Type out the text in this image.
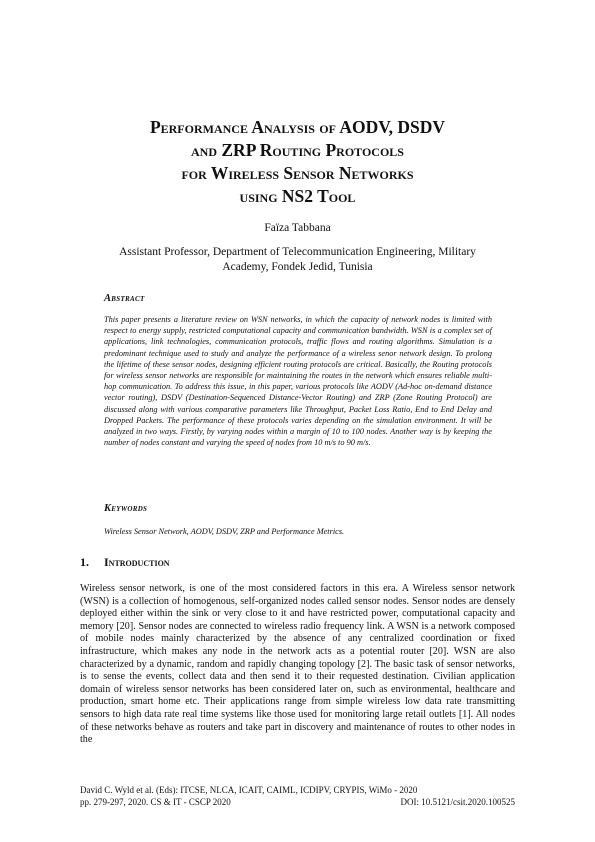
Performance Analysis of AODV, DSDV
and ZRP Routing Protocols
for Wireless Sensor Networks
using NS2 Tool
Faïza Tabbana
Assistant Professor, Department of Telecommunication Engineering, Military Academy, Fondek Jedid, Tunisia
Abstract
This paper presents a literature review on WSN networks, in which the capacity of network nodes is limited with respect to energy supply, restricted computational capacity and communication bandwidth. WSN is a complex set of applications, link technologies, communication protocols, traffic flows and routing algorithms. Simulation is a predominant technique used to study and analyze the performance of a wireless senor network design. To prolong the lifetime of these sensor nodes, designing efficient routing protocols are critical. Basically, the Routing protocols for wireless sensor networks are responsible for maintaining the routes in the network which ensures reliable multi-hop communication. To address this issue, in this paper, various protocols like AODV (Ad-hoc on-demand distance vector routing), DSDV (Destination-Sequenced Distance-Vector Routing) and ZRP (Zone Routing Protocol) are discussed along with various comparative parameters like Throughput, Packet Loss Ratio, End to End Delay and Dropped Packets. The performance of these protocols varies depending on the simulation environment. It will be analyzed in two ways. Firstly, by varying nodes within a margin of 10 to 100 nodes. Another way is by keeping the number of nodes constant and varying the speed of nodes from 10 m/s to 90 m/s.
Keywords
Wireless Sensor Network, AODV, DSDV, ZRP and Performance Metrics.
1. Introduction
Wireless sensor network, is one of the most considered factors in this era. A Wireless sensor network (WSN) is a collection of homogenous, self-organized nodes called sensor nodes. Sensor nodes are densely deployed either within the sink or very close to it and have restricted power, computational capacity and memory [20]. Sensor nodes are connected to wireless radio frequency link. A WSN is a network composed of mobile nodes mainly characterized by the absence of any centralized coordination or fixed infrastructure, which makes any node in the network acts as a potential router [20]. WSN are also characterized by a dynamic, random and rapidly changing topology [2]. The basic task of sensor networks, is to sense the events, collect data and then send it to their requested destination. Civilian application domain of wireless sensor networks has been considered later on, such as environmental, healthcare and production, smart home etc. Their applications range from simple wireless low data rate transmitting sensors to high data rate real time systems like those used for monitoring large retail outlets [1]. All nodes of these networks behave as routers and take part in discovery and maintenance of routes to other nodes in the
David C. Wyld et al. (Eds): ITCSE, NLCA, ICAIT, CAIML, ICDIPV, CRYPIS, WiMo - 2020
pp. 279-297, 2020. CS & IT - CSCP 2020	DOI: 10.5121/csit.2020.100525
